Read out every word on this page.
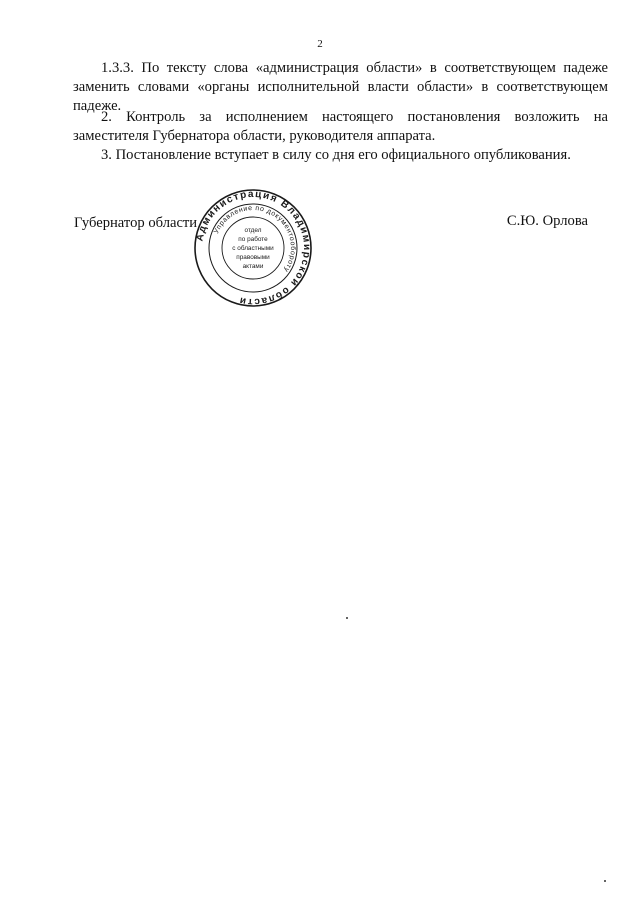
2

1.3.3. По тексту слова «администрация области» в соответствующем падеже заменить словами «органы исполнительной власти области» в соответствующем падеже.

2. Контроль за исполнением настоящего постановления возложить на заместителя Губернатора области, руководителя аппарата.

3. Постановление вступает в силу со дня его официального опубликования.

Губернатор области	С.Ю. Орлова
Администрация Владимирской области
Управление по документообороту
отдел
по работе
с областными
правовыми
актами
